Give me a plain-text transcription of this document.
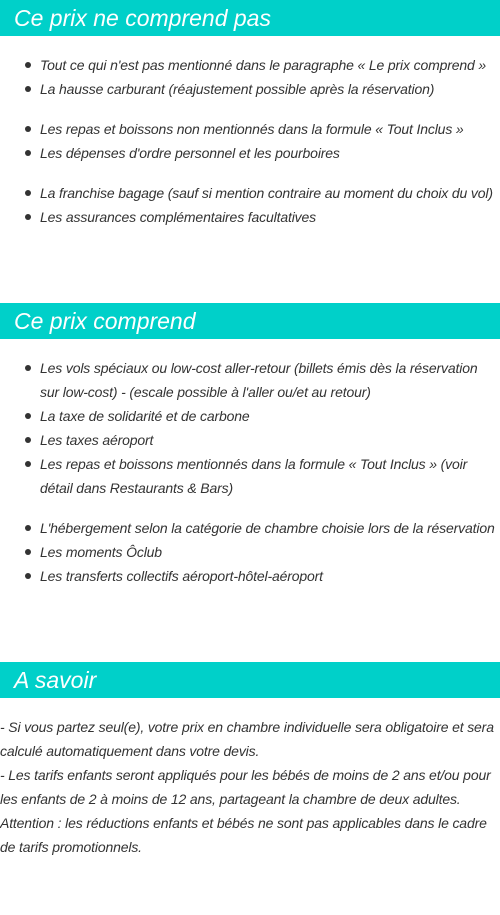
Ce prix ne comprend pas
Tout ce qui n'est pas mentionné dans le paragraphe « Le prix comprend »
La hausse carburant (réajustement possible après la réservation)
Les repas et boissons non mentionnés dans la formule « Tout Inclus »
Les dépenses d'ordre personnel et les pourboires
La franchise bagage (sauf si mention contraire au moment du choix du vol)
Les assurances complémentaires facultatives
Ce prix comprend
Les vols spéciaux ou low-cost aller-retour (billets émis dès la réservation sur low-cost) - (escale possible à l'aller ou/et au retour)
La taxe de solidarité et de carbone
Les taxes aéroport
Les repas et boissons mentionnés dans la formule « Tout Inclus » (voir détail dans Restaurants & Bars)
L'hébergement selon la catégorie de chambre choisie lors de la réservation
Les moments Ôclub
Les transferts collectifs aéroport-hôtel-aéroport
A savoir

- Si vous partez seul(e), votre prix en chambre individuelle sera obligatoire et sera calculé automatiquement dans votre devis.

- Les tarifs enfants seront appliqués pour les bébés de moins de 2 ans et/ou pour les enfants de 2 à moins de 12 ans, partageant la chambre de deux adultes.

Attention : les réductions enfants et bébés ne sont pas applicables dans le cadre de tarifs promotionnels.
